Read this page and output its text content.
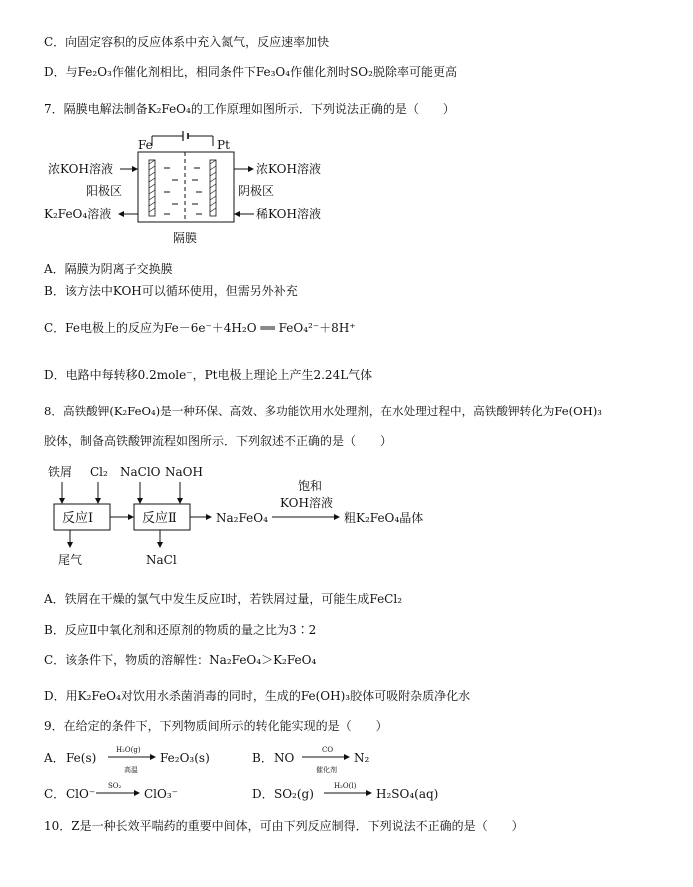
C．向固定容积的反应体系中充入氮气，反应速率加快
D．与Fe₂O₃作催化剂相比，相同条件下Fe₃O₄作催化剂时SO₂脱除率可能更高
7．隔膜电解法制备K₂FeO₄的工作原理如图所示．下列说法正确的是（　　）
Fe	Pt
浓KOH溶液
阳极区
K₂FeO₄溶液
浓KOH溶液
阴极区
稀KOH溶液
隔膜
A．隔膜为阴离子交换膜
B．该方法中KOH可以循环使用，但需另外补充
C．Fe电极上的反应为Fe－6e⁻＋4H₂O ══ FeO₄²⁻＋8H⁺
D．电路中每转移0.2mole⁻，Pt电极上理论上产生2.24L气体
8．高铁酸钾(K₂FeO₄)是一种环保、高效、多功能饮用水处理剂，在水处理过程中，高铁酸钾转化为Fe(OH)₃
胶体，制备高铁酸钾流程如图所示．下列叙述不正确的是（　　）
铁屑 Cl₂ NaClO NaOH
反应Ⅰ	反应Ⅱ	Na₂FeO₄
饱和
KOH溶液
粗K₂FeO₄晶体
尾气	NaCl
A．铁屑在干燥的氯气中发生反应Ⅰ时，若铁屑过量，可能生成FeCl₂
B．反应Ⅱ中氧化剂和还原剂的物质的量之比为3∶2
C．该条件下，物质的溶解性：Na₂FeO₄＞K₂FeO₄
D．用K₂FeO₄对饮用水杀菌消毒的同时，生成的Fe(OH)₃胶体可吸附杂质净化水
9．在给定的条件下，下列物质间所示的转化能实现的是（　　）
A． Fe(s)
H₂O(g)
高温
Fe₂O₃(s)	B． NO
CO
催化剂
N₂
C． ClO⁻
SO₂
ClO₃⁻	D． SO₂(g)
H₂O(l)
H₂SO₄(aq)
10．Z是一种长效平喘药的重要中间体，可由下列反应制得．下列说法不正确的是（　　）
